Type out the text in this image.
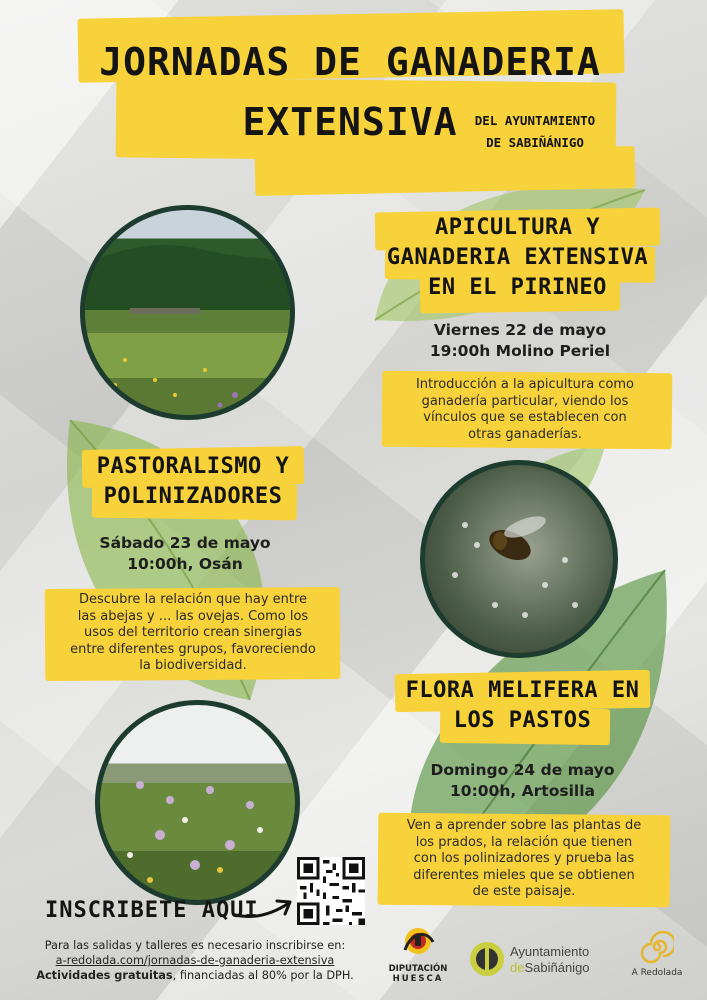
JORNADAS DE GANADERIA
EXTENSIVA	DEL AYUNTAMIENTO
DE SABIÑÁNIGO
APICULTURA Y
GANADERIA EXTENSIVA
EN EL PIRINEO
Viernes 22 de mayo
19:00h Molino Periel
Introducción a la apicultura como
ganadería particular, viendo los
vínculos que se establecen con
otras ganaderías.
PASTORALISMO Y
POLINIZADORES
Sábado 23 de mayo
10:00h, Osán
Descubre la relación que hay entre
las abejas y ... las ovejas. Como los
usos del territorio crean sinergias
entre diferentes grupos, favoreciendo
la biodiversidad.
FLORA MELIFERA EN
LOS PASTOS
Domingo 24 de mayo
10:00h, Artosilla
Ven a aprender sobre las plantas de
los prados, la relación que tienen
con los polinizadores y prueba las
diferentes mieles que se obtienen
de este paisaje.
INSCRIBETE AQUI
Para las salidas y talleres es necesario inscribirse en:
a-redolada.com/jornadas-de-ganaderia-extensiva
Actividades gratuitas, financiadas al 80% por la DPH.	DIPUTACIÓN
HUESCA
Ayuntamiento
deSabiñánigo	A Redolada
